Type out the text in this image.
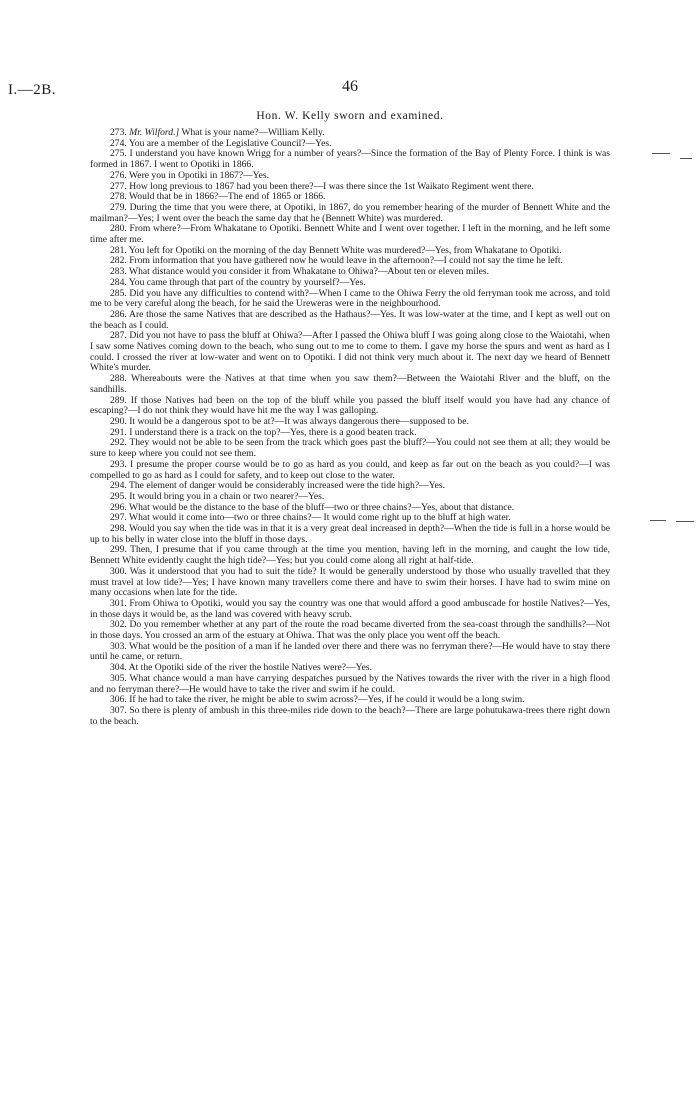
I.—2B.	46
Hon. W. Kelly sworn and examined.

273. Mr. Wilford.] What is your name?—William Kelly.

274. You are a member of the Legislative Council?—Yes.

275. I understand you have known Wrigg for a number of years?—Since the formation of the Bay of Plenty Force. I think is was formed in 1867. I went to Opotiki in 1866.

276. Were you in Opotiki in 1867?—Yes.

277. How long previous to 1867 had you been there?—I was there since the 1st Waikato Regiment went there.

278. Would that be in 1866?—The end of 1865 or 1866.

279. During the time that you were there, at Opotiki, in 1867, do you remember hearing of the murder of Bennett White and the mailman?—Yes; I went over the beach the same day that he (Bennett White) was murdered.

280. From where?—From Whakatane to Opotiki. Bennett White and I went over together. I left in the morning, and he left some time after me.

281. You left for Opotiki on the morning of the day Bennett White was murdered?—Yes, from Whakatane to Opotiki.

282. From information that you have gathered now he would leave in the afternoon?—I could not say the time he left.

283. What distance would you consider it from Whakatane to Ohiwa?—About ten or eleven miles.

284. You came through that part of the country by yourself?—Yes.

285. Did you have any difficulties to contend with?—When I came to the Ohiwa Ferry the old ferryman took me across, and told me to be very careful along the beach, for he said the Ureweras were in the neighbourhood.

286. Are those the same Natives that are described as the Hathaus?—Yes. It was low-water at the time, and I kept as well out on the beach as I could.

287. Did you not have to pass the bluff at Ohiwa?—After I passed the Ohiwa bluff I was going along close to the Waiotahi, when I saw some Natives coming down to the beach, who sung out to me to come to them. I gave my horse the spurs and went as hard as I could. I crossed the river at low-water and went on to Opotiki. I did not think very much about it. The next day we heard of Bennett White's murder.

288. Whereabouts were the Natives at that time when you saw them?—Between the Waiotahi River and the bluff, on the sandhills.

289. If those Natives had been on the top of the bluff while you passed the bluff itself would you have had any chance of escaping?—I do not think they would have hit me the way I was galloping.

290. It would be a dangerous spot to be at?—It was always dangerous there—supposed to be.

291. I understand there is a track on the top?—Yes, there is a good beaten track.

292. They would not be able to be seen from the track which goes past the bluff?—You could not see them at all; they would be sure to keep where you could not see them.

293. I presume the proper course would be to go as hard as you could, and keep as far out on the beach as you could?—I was compelled to go as hard as I could for safety, and to keep out close to the water.

294. The element of danger would be considerably increased were the tide high?—Yes.

295. It would bring you in a chain or two nearer?—Yes.

296. What would be the distance to the base of the bluff—two or three chains?—Yes, about that distance.

297. What would it come into—two or three chains?— It would come right up to the bluff at high water.

298. Would you say when the tide was in that it is a very great deal increased in depth?—When the tide is full in a horse would be up to his belly in water close into the bluff in those days.

299. Then, I presume that if you came through at the time you mention, having left in the morning, and caught the low tide, Bennett White evidently caught the high tide?—Yes; but you could come along all right at half-tide.

300. Was it understood that you had to suit the tide? It would be generally understood by those who usually travelled that they must travel at low tide?—Yes; I have known many travellers come there and have to swim their horses. I have had to swim mine on many occasions when late for the tide.

301. From Ohiwa to Opotiki, would you say the country was one that would afford a good ambuscade for hostile Natives?—Yes, in those days it would be, as the land was covered with heavy scrub.

302. Do you remember whether at any part of the route the road became diverted from the sea-coast through the sandhills?—Not in those days. You crossed an arm of the estuary at Ohiwa. That was the only place you went off the beach.

303. What would be the position of a man if he landed over there and there was no ferryman there?—He would have to stay there until he came, or return.

304. At the Opotiki side of the river the hostile Natives were?—Yes.

305. What chance would a man have carrying despatches pursued by the Natives towards the river with the river in a high flood and no ferryman there?—He would have to take the river and swim if he could.

306. If he had to take the river, he might be able to swim across?—Yes, if he could it would be a long swim.

307. So there is plenty of ambush in this three-miles ride down to the beach?—There are large pohutukawa-trees there right down to the beach.
